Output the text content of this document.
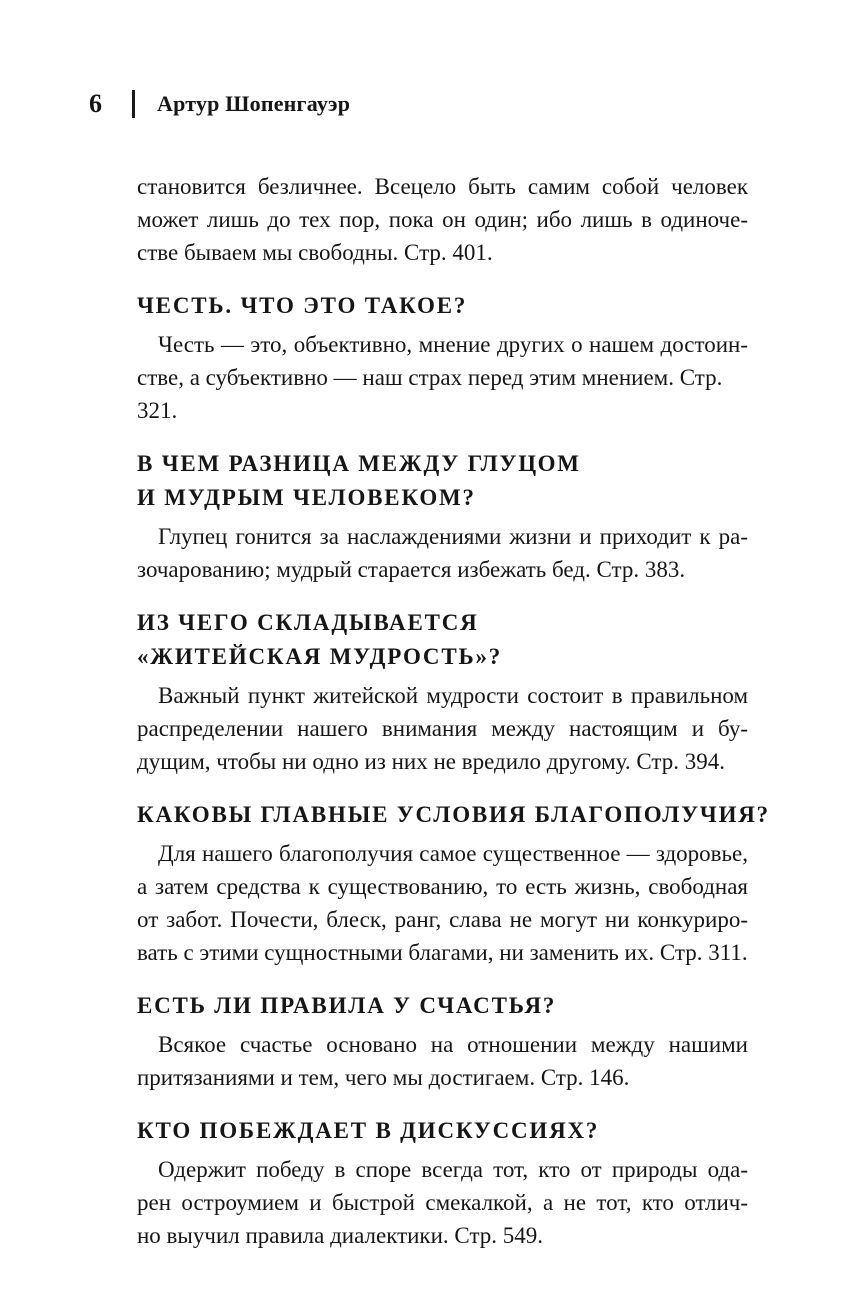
6	Артур Шопенгауэр
становится безличнее. Всецело быть самим собой человек
может лишь до тех пор, пока он один; ибо лишь в одиноче-
стве бываем мы свободны. Стр. 401.
ЧЕСТЬ. ЧТО ЭТО ТАКОЕ?
Честь — это, объективно, мнение других о нашем достоин-
стве, а субъективно — наш страх перед этим мнением. Стр. 321.
В ЧЕМ РАЗНИЦА МЕЖДУ ГЛУЦОМ
И МУДРЫМ ЧЕЛОВЕКОМ?
Глупец гонится за наслаждениями жизни и приходит к ра-
зочарованию; мудрый старается избежать бед. Стр. 383.
ИЗ ЧЕГО СКЛАДЫВАЕТСЯ
«ЖИТЕЙСКАЯ МУДРОСТЬ»?
Важный пункт житейской мудрости состоит в правильном
распределении нашего внимания между настоящим и бу-
дущим, чтобы ни одно из них не вредило другому. Стр. 394.
КАКОВЫ ГЛАВНЫЕ УСЛОВИЯ БЛАГОПОЛУЧИЯ?
Для нашего благополучия самое существенное — здоровье,
а затем средства к существованию, то есть жизнь, свободная
от забот. Почести, блеск, ранг, слава не могут ни конкуриро-
вать с этими сущностными благами, ни заменить их. Стр. 311.
ЕСТЬ ЛИ ПРАВИЛА У СЧАСТЬЯ?
Всякое счастье основано на отношении между нашими
притязаниями и тем, чего мы достигаем. Стр. 146.
КТО ПОБЕЖДАЕТ В ДИСКУССИЯХ?
Одержит победу в споре всегда тот, кто от природы ода-
рен остроумием и быстрой смекалкой, а не тот, кто отлич-
но выучил правила диалектики. Стр. 549.
